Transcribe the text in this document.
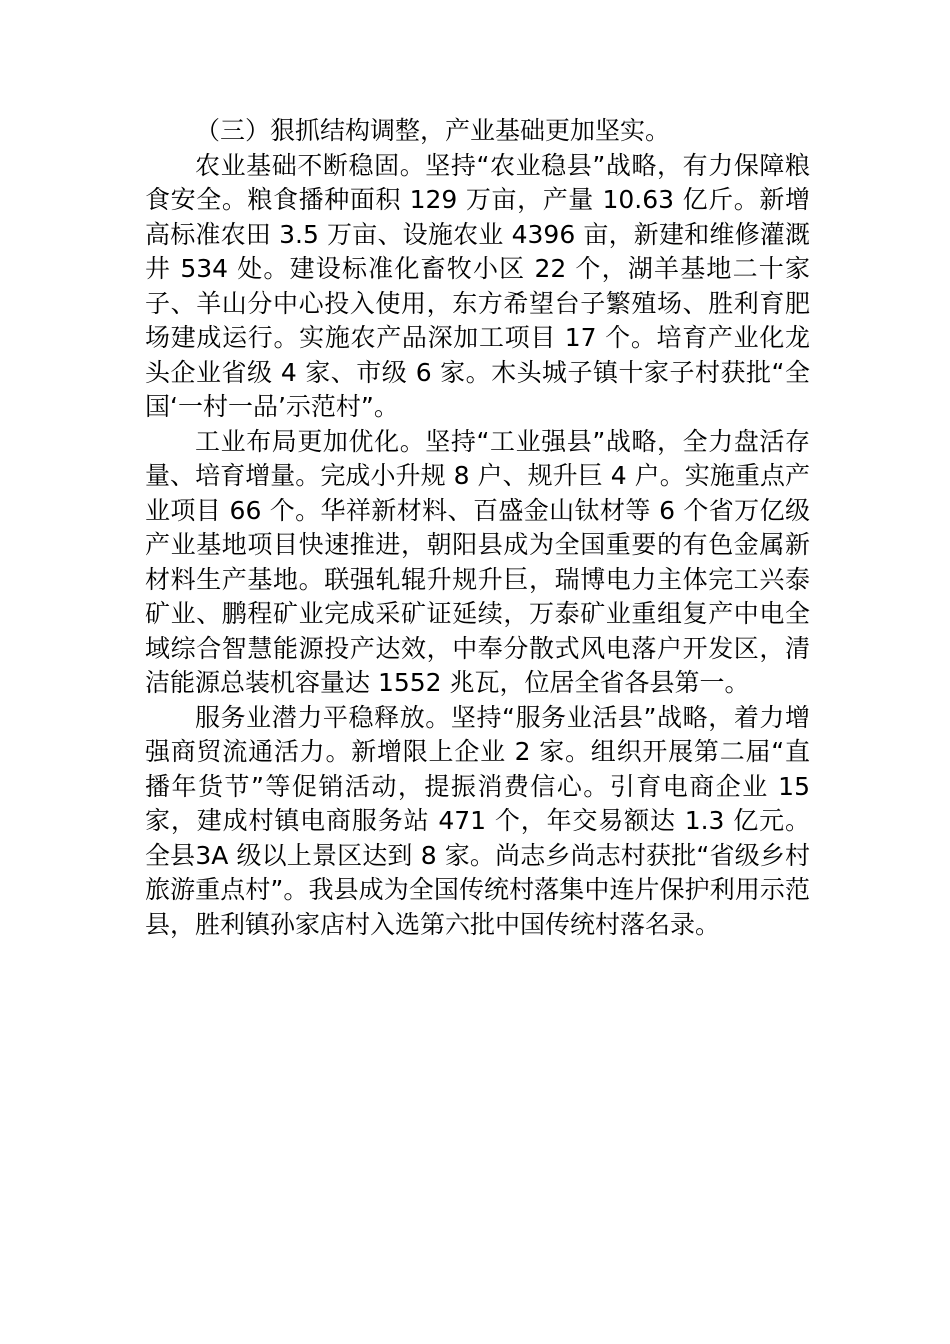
（三）狠抓结构调整，产业基础更加坚实。

农业基础不断稳固。坚持“农业稳县”战略，有力保障粮食安全。粮食播种面积 129 万亩，产量 10.63 亿斤。新增高标准农田 3.5 万亩、设施农业 4396 亩，新建和维修灌溉井 534 处。建设标准化畜牧小区 22 个，湖羊基地二十家子、羊山分中心投入使用，东方希望台子繁殖场、胜利育肥场建成运行。实施农产品深加工项目 17 个。培育产业化龙头企业省级 4 家、市级 6 家。木头城子镇十家子村获批“全国‘一村一品’示范村”。

工业布局更加优化。坚持“工业强县”战略，全力盘活存量、培育增量。完成小升规 8 户、规升巨 4 户。实施重点产业项目 66 个。华祥新材料、百盛金山钛材等 6 个省万亿级产业基地项目快速推进，朝阳县成为全国重要的有色金属新材料生产基地。联强轧辊升规升巨，瑞博电力主体完工兴泰矿业、鹏程矿业完成采矿证延续，万泰矿业重组复产中电全域综合智慧能源投产达效，中奉分散式风电落户开发区，清洁能源总装机容量达 1552 兆瓦，位居全省各县第一。

服务业潜力平稳释放。坚持“服务业活县”战略，着力增强商贸流通活力。新增限上企业 2 家。组织开展第二届“直播年货节”等促销活动，提振消费信心。引育电商企业 15 家，建成村镇电商服务站 471 个，年交易额达 1.3 亿元。全县3A 级以上景区达到 8 家。尚志乡尚志村获批“省级乡村旅游重点村”。我县成为全国传统村落集中连片保护利用示范县，胜利镇孙家店村入选第六批中国传统村落名录。
